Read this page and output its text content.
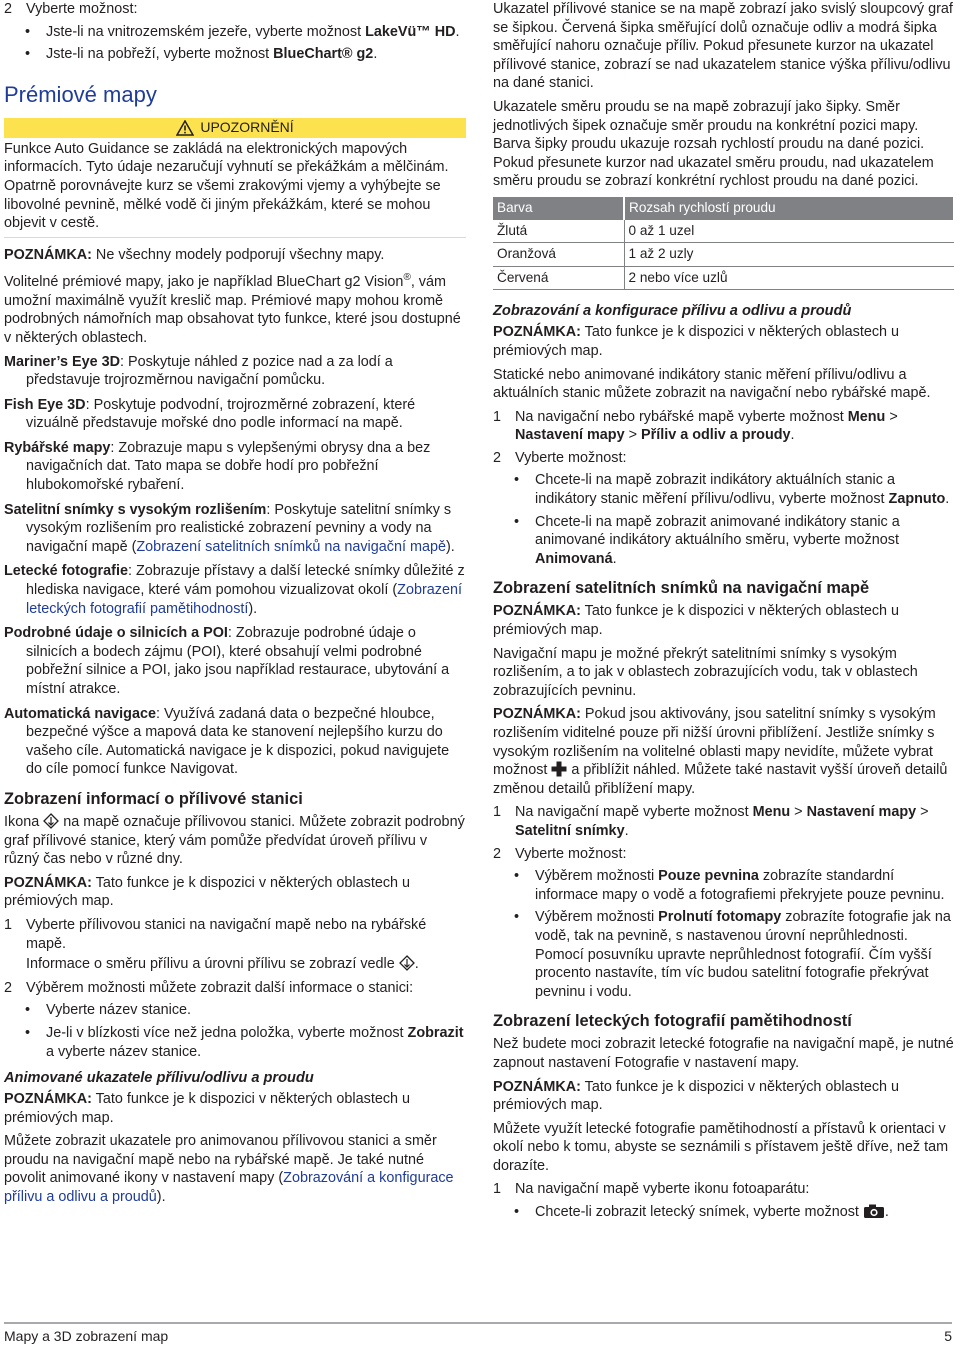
2 Vyberte možnost:
• Jste-li na vnitrozemském jezeře, vyberte možnost LakeVü™ HD.
• Jste-li na pobřeží, vyberte možnost BlueChart® g2.
Prémiové mapy
UPOZORNĚNÍ
Funkce Auto Guidance se zakládá na elektronických mapových informacích. Tyto údaje nezaručují vyhnutí se překážkám a mělčinám. Opatrně porovnávejte kurz se všemi zrakovými vjemy a vyhýbejte se libovolné pevnině, mělké vodě či jiným překážkám, které se mohou objevit v cestě.

POZNÁMKA: Ne všechny modely podporují všechny mapy.

Volitelné prémiové mapy, jako je například BlueChart g2 Vision®, vám umožní maximálně využít kreslič map. Prémiové mapy mohou kromě podrobných námořních map obsahovat tyto funkce, které jsou dostupné v některých oblastech.

Mariner’s Eye 3D: Poskytuje náhled z pozice nad a za lodí a představuje trojrozměrnou navigační pomůcku.

Fish Eye 3D: Poskytuje podvodní, trojrozměrné zobrazení, které vizuálně představuje mořské dno podle informací na mapě.

Rybářské mapy: Zobrazuje mapu s vylepšenými obrysy dna a bez navigačních dat. Tato mapa se dobře hodí pro pobřežní hlubokomořské rybaření.

Satelitní snímky s vysokým rozlišením: Poskytuje satelitní snímky s vysokým rozlišením pro realistické zobrazení pevniny a vody na navigační mapě (Zobrazení satelitních snímků na navigační mapě).

Letecké fotografie: Zobrazuje přístavy a další letecké snímky důležité z hlediska navigace, které vám pomohou vizualizovat okolí (Zobrazení leteckých fotografií pamětihodností).

Podrobné údaje o silnicích a POI: Zobrazuje podrobné údaje o silnicích a bodech zájmu (POI), které obsahují velmi podrobné pobřežní silnice a POI, jako jsou například restaurace, ubytování a místní atrakce.

Automatická navigace: Využívá zadaná data o bezpečné hloubce, bezpečné výšce a mapová data ke stanovení nejlepšího kurzu do vašeho cíle. Automatická navigace je k dispozici, pokud navigujete do cíle pomocí funkce Navigovat.

Zobrazení informací o přílivové stanici

Ikona  na mapě označuje přílivovou stanici. Můžete zobrazit podrobný graf přílivové stanice, který vám pomůže předvídat úroveň přílivu v různý čas nebo v různé dny.

POZNÁMKA: Tato funkce je k dispozici v některých oblastech u prémiových map.

1 Vyberte přílivovou stanici na navigační mapě nebo na rybářské mapě.
Informace o směru přílivu a úrovni přílivu se zobrazí vedle .
2 Výběrem možnosti můžete zobrazit další informace o stanici:
• Vyberte název stanice.
• Je-li v blízkosti více než jedna položka, vyberte možnost Zobrazit a vyberte název stanice.
Animované ukazatele přílivu/odlivu a proudu

POZNÁMKA: Tato funkce je k dispozici v některých oblastech u prémiových map.

Můžete zobrazit ukazatele pro animovanou přílivovou stanici a směr proudu na navigační mapě nebo na rybářské mapě. Je také nutné povolit animované ikony v nastavení mapy (Zobrazování a konfigurace přílivu a odlivu a proudů).

Ukazatel přílivové stanice se na mapě zobrazí jako svislý sloupcový graf se šipkou. Červená šipka směřující dolů označuje odliv a modrá šipka směřující nahoru označuje příliv. Pokud přesunete kurzor na ukazatel přílivové stanice, zobrazí se nad ukazatelem stanice výška přílivu/odlivu na dané stanici.

Ukazatele směru proudu se na mapě zobrazují jako šipky. Směr jednotlivých šipek označuje směr proudu na konkrétní pozici mapy. Barva šipky proudu ukazuje rozsah rychlostí proudu na dané pozici. Pokud přesunete kurzor nad ukazatel směru proudu, nad ukazatelem směru proudu se zobrazí konkrétní rychlost proudu na dané pozici.

Barva	Rozsah rychlostí proudu
Žlutá	0 až 1 uzel
Oranžová	1 až 2 uzly
Červená	2 nebo více uzlů
Zobrazování a konfigurace přílivu a odlivu a proudů

POZNÁMKA: Tato funkce je k dispozici v některých oblastech u prémiových map.

Statické nebo animované indikátory stanic měření přílivu/odlivu a aktuálních stanic můžete zobrazit na navigační nebo rybářské mapě.

1 Na navigační nebo rybářské mapě vyberte možnost Menu > Nastavení mapy > Příliv a odliv a proudy.
2 Vyberte možnost:
• Chcete-li na mapě zobrazit indikátory aktuálních stanic a indikátory stanic měření přílivu/odlivu, vyberte možnost Zapnuto.
• Chcete-li na mapě zobrazit animované indikátory stanic a animované indikátory aktuálního směru, vyberte možnost Animovaná.
Zobrazení satelitních snímků na navigační mapě

POZNÁMKA: Tato funkce je k dispozici v některých oblastech u prémiových map.

Navigační mapu je možné překrýt satelitními snímky s vysokým rozlišením, a to jak v oblastech zobrazujících vodu, tak v oblastech zobrazujících pevninu.

POZNÁMKA: Pokud jsou aktivovány, jsou satelitní snímky s vysokým rozlišením viditelné pouze při nižší úrovni přiblížení. Jestliže snímky s vysokým rozlišením na volitelné oblasti mapy nevidíte, můžete vybrat možnost  a přiblížit náhled. Můžete také nastavit vyšší úroveň detailů změnou detailů přiblížení mapy.

1 Na navigační mapě vyberte možnost Menu > Nastavení mapy > Satelitní snímky.
2 Vyberte možnost:
• Výběrem možnosti Pouze pevnina zobrazíte standardní informace mapy o vodě a fotografiemi překryjete pouze pevninu.
• Výběrem možnosti Prolnutí fotomapy zobrazíte fotografie jak na vodě, tak na pevnině, s nastavenou úrovní neprůhlednosti. Pomocí posuvníku upravte neprůhlednost fotografií. Čím vyšší procento nastavíte, tím víc budou satelitní fotografie překrývat pevninu i vodu.
Zobrazení leteckých fotografií pamětihodností

Než budete moci zobrazit letecké fotografie na navigační mapě, je nutné zapnout nastavení Fotografie v nastavení mapy.

POZNÁMKA: Tato funkce je k dispozici v některých oblastech u prémiových map.

Můžete využít letecké fotografie pamětihodností a přístavů k orientaci v okolí nebo k tomu, abyste se seznámili s přístavem ještě dříve, než tam dorazíte.

1 Na navigační mapě vyberte ikonu fotoaparátu:
• Chcete-li zobrazit letecký snímek, vyberte možnost .
Mapy a 3D zobrazení map	5
